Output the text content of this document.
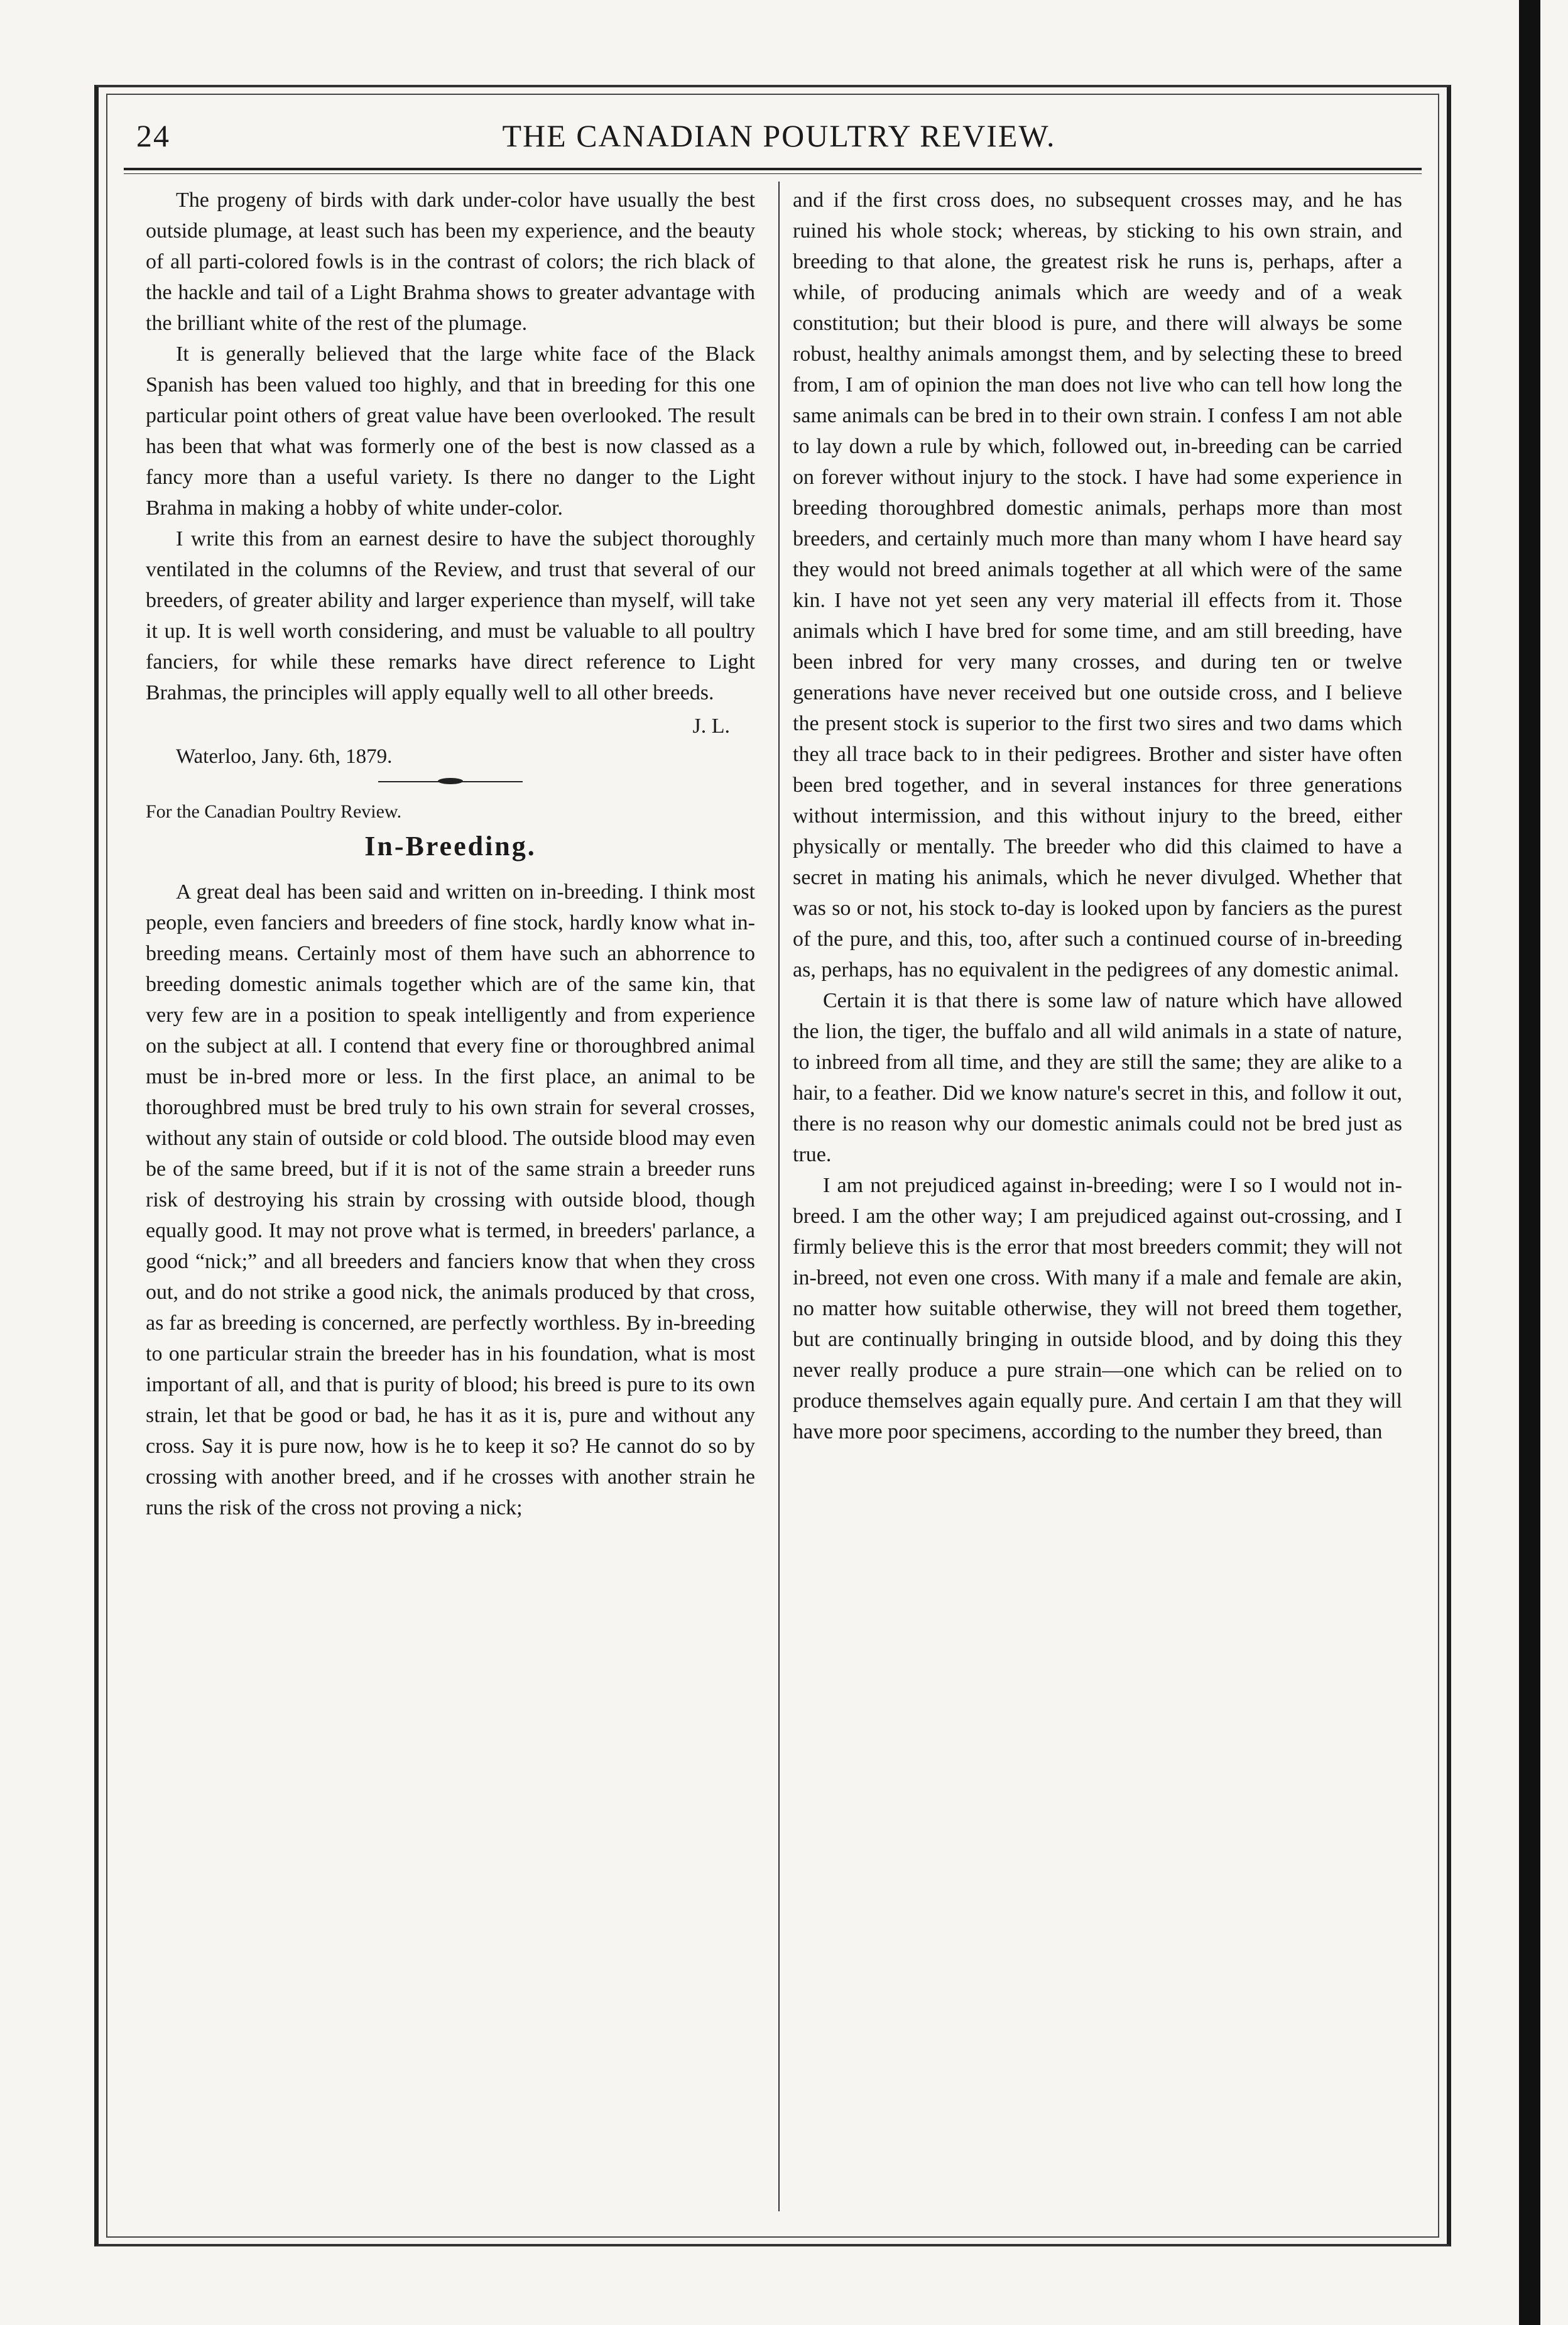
24	THE CANADIAN POULTRY REVIEW.

The progeny of birds with dark under-color have usually the best outside plumage, at least such has been my experience, and the beauty of all parti-colored fowls is in the contrast of colors; the rich black of the hackle and tail of a Light Brahma shows to greater advantage with the brilliant white of the rest of the plumage.

It is generally believed that the large white face of the Black Spanish has been valued too highly, and that in breeding for this one particular point others of great value have been overlooked. The result has been that what was formerly one of the best is now classed as a fancy more than a useful variety. Is there no danger to the Light Brahma in making a hobby of white under-color.

I write this from an earnest desire to have the subject thoroughly ventilated in the columns of the Review, and trust that several of our breeders, of greater ability and larger experience than myself, will take it up. It is well worth considering, and must be valuable to all poultry fanciers, for while these remarks have direct reference to Light Brahmas, the principles will apply equally well to all other breeds.

J. L.
Waterloo, Jany. 6th, 1879.

For the Canadian Poultry Review.

In-Breeding.

A great deal has been said and written on in-breeding. I think most people, even fanciers and breeders of fine stock, hardly know what in-breeding means. Certainly most of them have such an abhorrence to breeding domestic animals together which are of the same kin, that very few are in a position to speak intelligently and from experience on the subject at all. I contend that every fine or thoroughbred animal must be in-bred more or less. In the first place, an animal to be thoroughbred must be bred truly to his own strain for several crosses, without any stain of outside or cold blood. The outside blood may even be of the same breed, but if it is not of the same strain a breeder runs risk of destroying his strain by crossing with outside blood, though equally good. It may not prove what is termed, in breeders' parlance, a good “nick;” and all breeders and fanciers know that when they cross out, and do not strike a good nick, the animals produced by that cross, as far as breeding is concerned, are perfectly worthless. By in-breeding to one particular strain the breeder has in his foundation, what is most important of all, and that is purity of blood; his breed is pure to its own strain, let that be good or bad, he has it as it is, pure and without any cross. Say it is pure now, how is he to keep it so? He cannot do so by crossing with another breed, and if he crosses with another strain he runs the risk of the cross not proving a nick;

and if the first cross does, no subsequent crosses may, and he has ruined his whole stock; whereas, by sticking to his own strain, and breeding to that alone, the greatest risk he runs is, perhaps, after a while, of producing animals which are weedy and of a weak constitution; but their blood is pure, and there will always be some robust, healthy animals amongst them, and by selecting these to breed from, I am of opinion the man does not live who can tell how long the same animals can be bred in to their own strain. I confess I am not able to lay down a rule by which, followed out, in-breeding can be carried on forever without injury to the stock. I have had some experience in breeding thoroughbred domestic animals, perhaps more than most breeders, and certainly much more than many whom I have heard say they would not breed animals together at all which were of the same kin. I have not yet seen any very material ill effects from it. Those animals which I have bred for some time, and am still breeding, have been inbred for very many crosses, and during ten or twelve generations have never received but one outside cross, and I believe the present stock is superior to the first two sires and two dams which they all trace back to in their pedigrees. Brother and sister have often been bred together, and in several instances for three generations without intermission, and this without injury to the breed, either physically or mentally. The breeder who did this claimed to have a secret in mating his animals, which he never divulged. Whether that was so or not, his stock to-day is looked upon by fanciers as the purest of the pure, and this, too, after such a continued course of in-breeding as, perhaps, has no equivalent in the pedigrees of any domestic animal.

Certain it is that there is some law of nature which have allowed the lion, the tiger, the buffalo and all wild animals in a state of nature, to inbreed from all time, and they are still the same; they are alike to a hair, to a feather. Did we know nature's secret in this, and follow it out, there is no reason why our domestic animals could not be bred just as true.

I am not prejudiced against in-breeding; were I so I would not in-breed. I am the other way; I am prejudiced against out-crossing, and I firmly believe this is the error that most breeders commit; they will not in-breed, not even one cross. With many if a male and female are akin, no matter how suitable otherwise, they will not breed them together, but are continually bringing in outside blood, and by doing this they never really produce a pure strain—one which can be relied on to produce themselves again equally pure. And certain I am that they will have more poor specimens, according to the number they breed, than
